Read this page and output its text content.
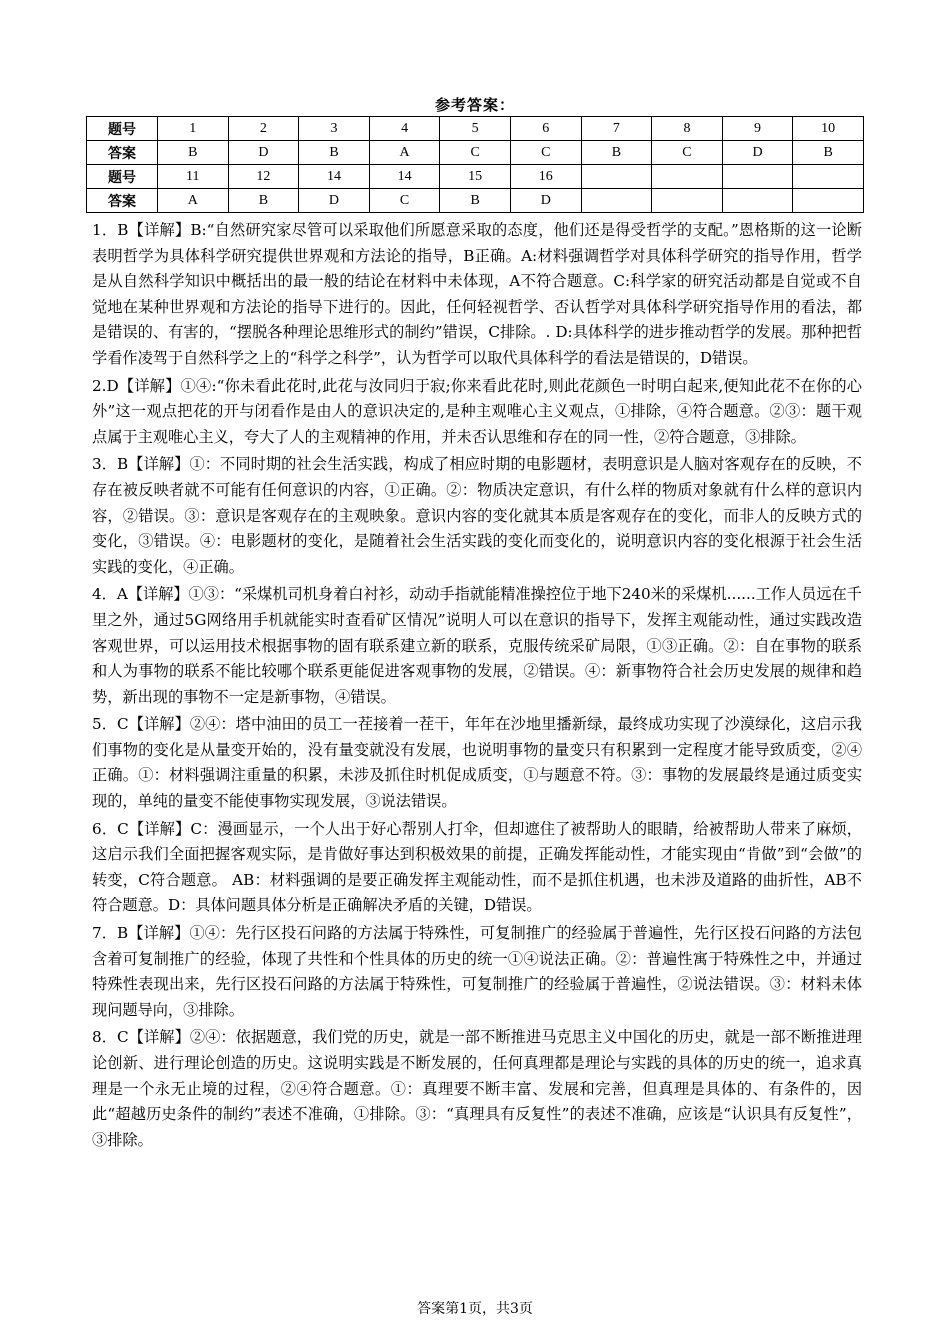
参考答案：
题号	1	2	3	4	5	6	7	8	9	10
答案	B	D	B	A	C	C	B	C	D	B
题号	11	12	14	14	15	16				
答案	A	B	D	C	B	D				

1．B【详解】B:“自然研究家尽管可以采取他们所愿意采取的态度，他们还是得受哲学的支配。”恩格斯的这一论断表明哲学为具体科学研究提供世界观和方法论的指导，B正确。A:材料强调哲学对具体科学研究的指导作用，哲学是从自然科学知识中概括出的最一般的结论在材料中未体现，A不符合题意。C:科学家的研究活动都是自觉或不自觉地在某种世界观和方法论的指导下进行的。因此，任何轻视哲学、否认哲学对具体科学研究指导作用的看法，都是错误的、有害的，“摆脱各种理论思维形式的制约”错误，C排除。. D:具体科学的进步推动哲学的发展。那种把哲学看作凌驾于自然科学之上的“科学之科学”，认为哲学可以取代具体科学的看法是错误的，D错误。

2.D【详解】①④:“你未看此花时,此花与汝同归于寂;你来看此花时,则此花颜色一时明白起来,便知此花不在你的心外”这一观点把花的开与闭看作是由人的意识决定的,是种主观唯心主义观点，①排除，④符合题意。②③：题干观点属于主观唯心主义，夸大了人的主观精神的作用，并未否认思维和存在的同一性，②符合题意，③排除。

3．B【详解】①：不同时期的社会生活实践，构成了相应时期的电影题材，表明意识是人脑对客观存在的反映，不存在被反映者就不可能有任何意识的内容，①正确。②：物质决定意识，有什么样的物质对象就有什么样的意识内容，②错误。③：意识是客观存在的主观映象。意识内容的变化就其本质是客观存在的变化，而非人的反映方式的变化，③错误。④：电影题材的变化，是随着社会生活实践的变化而变化的，说明意识内容的变化根源于社会生活实践的变化，④正确。

4．A【详解】①③：“采煤机司机身着白衬衫，动动手指就能精准操控位于地下240米的采煤机......工作人员远在千里之外，通过5G网络用手机就能实时查看矿区情况”说明人可以在意识的指导下，发挥主观能动性，通过实践改造客观世界，可以运用技术根据事物的固有联系建立新的联系，克服传统采矿局限，①③正确。②：自在事物的联系和人为事物的联系不能比较哪个联系更能促进客观事物的发展，②错误。④：新事物符合社会历史发展的规律和趋势，新出现的事物不一定是新事物，④错误。

5．C【详解】②④：塔中油田的员工一茬接着一茬干，年年在沙地里播新绿，最终成功实现了沙漠绿化，这启示我们事物的变化是从量变开始的，没有量变就没有发展，也说明事物的量变只有积累到一定程度才能导致质变，②④正确。①：材料强调注重量的积累，未涉及抓住时机促成质变，①与题意不符。③：事物的发展最终是通过质变实现的，单纯的量变不能使事物实现发展，③说法错误。

6．C【详解】C：漫画显示，一个人出于好心帮别人打伞，但却遮住了被帮助人的眼睛，给被帮助人带来了麻烦，这启示我们全面把握客观实际，是肯做好事达到积极效果的前提，正确发挥能动性，才能实现由“肯做”到“会做”的转变，C符合题意。 AB：材料强调的是要正确发挥主观能动性，而不是抓住机遇，也未涉及道路的曲折性，AB不符合题意。D：具体问题具体分析是正确解决矛盾的关键，D错误。

7．B【详解】①④：先行区投石问路的方法属于特殊性，可复制推广的经验属于普遍性，先行区投石问路的方法包含着可复制推广的经验，体现了共性和个性具体的历史的统一①④说法正确。②：普遍性寓于特殊性之中，并通过特殊性表现出来，先行区投石问路的方法属于特殊性，可复制推广的经验属于普遍性，②说法错误。③：材料未体现问题导向，③排除。

8．C【详解】②④：依据题意，我们党的历史，就是一部不断推进马克思主义中国化的历史，就是一部不断推进理论创新、进行理论创造的历史。这说明实践是不断发展的，任何真理都是理论与实践的具体的历史的统一，追求真理是一个永无止境的过程，②④符合题意。①：真理要不断丰富、发展和完善，但真理是具体的、有条件的，因此“超越历史条件的制约”表述不准确，①排除。③：“真理具有反复性”的表述不准确，应该是“认识具有反复性”，③排除。

答案第1页，共3页
